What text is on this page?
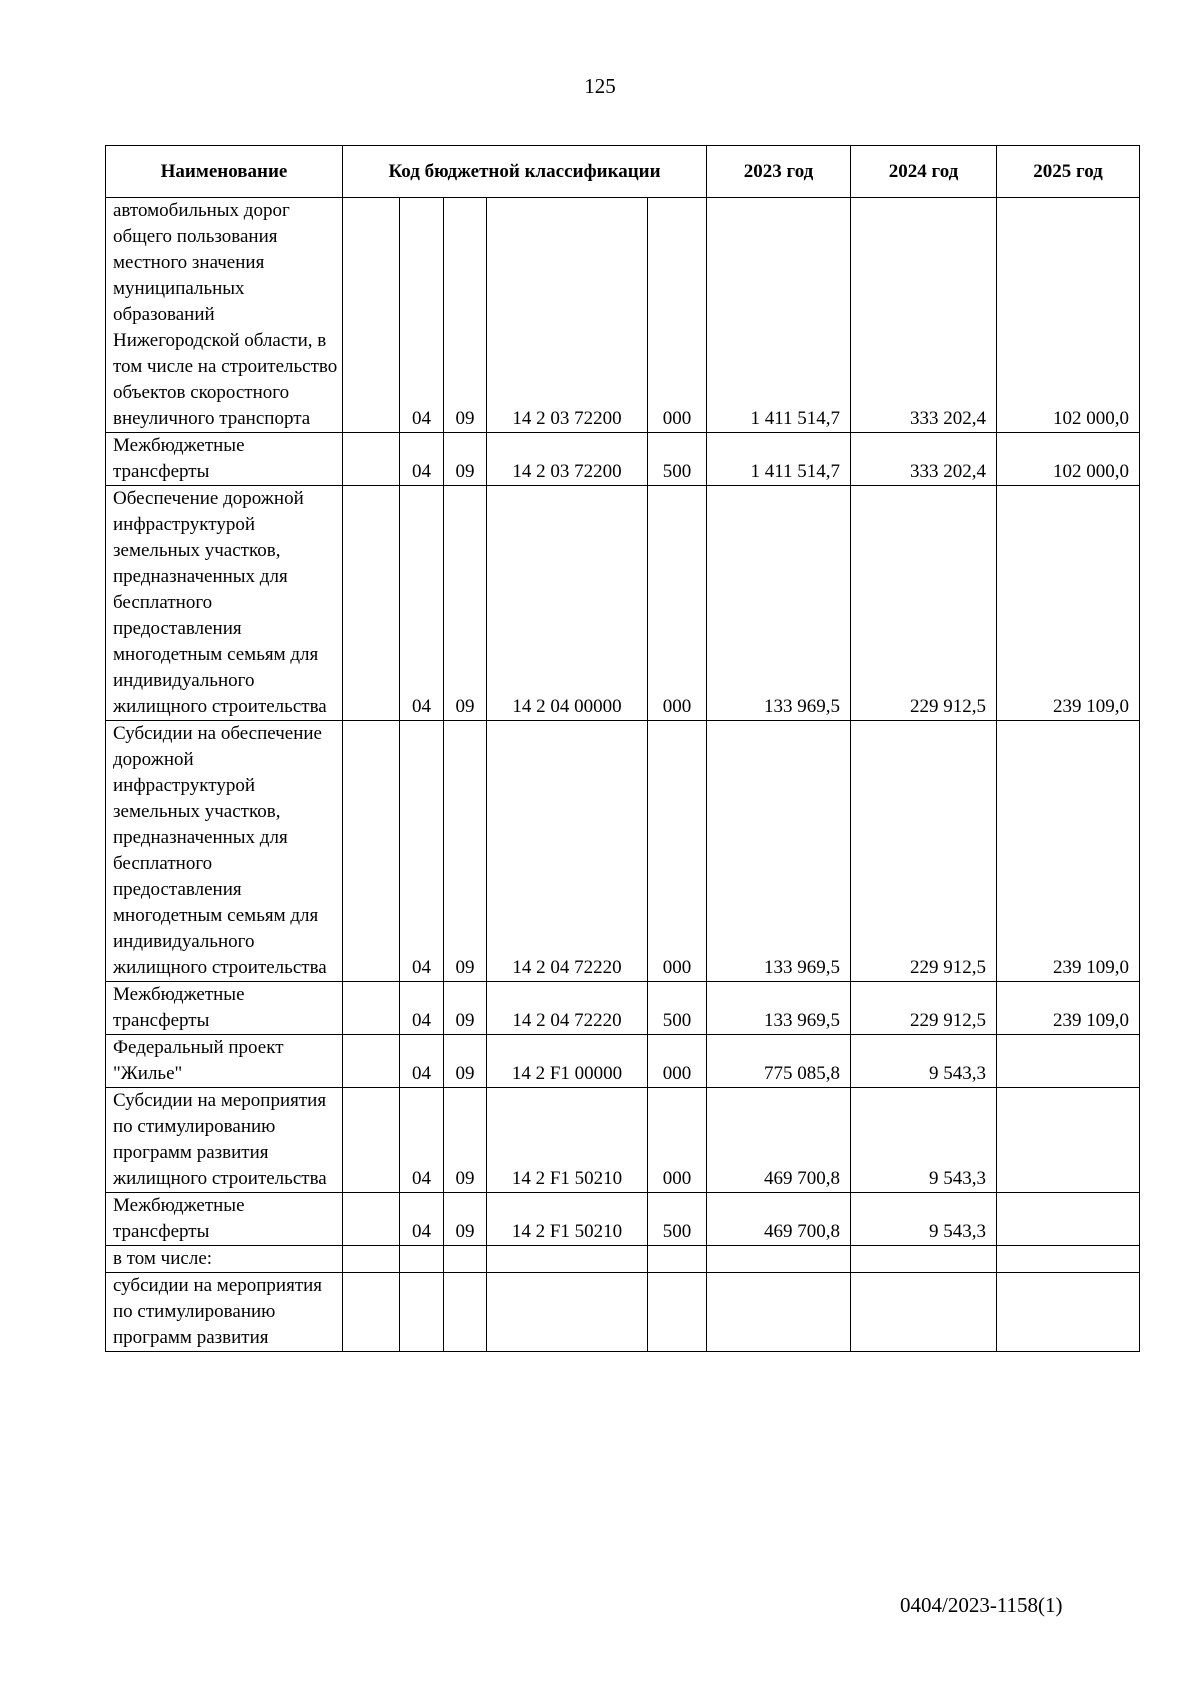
125
Наименование	Код бюджетной классификации					2023 год	2024 год	2025 год
автомобильных дорог общего пользования местного значения муниципальных образований Нижегородской области, в том числе на строительство объектов скоростного внеуличного транспорта		04	09	14 2 03 72200	000	1 411 514,7	333 202,4	102 000,0
Межбюджетные трансферты		04	09	14 2 03 72200	500	1 411 514,7	333 202,4	102 000,0
Обеспечение дорожной инфраструктурой земельных участков, предназначенных для бесплатного предоставления многодетным семьям для индивидуального жилищного строительства		04	09	14 2 04 00000	000	133 969,5	229 912,5	239 109,0
Субсидии на обеспечение дорожной инфраструктурой земельных участков, предназначенных для бесплатного предоставления многодетным семьям для индивидуального жилищного строительства		04	09	14 2 04 72220	000	133 969,5	229 912,5	239 109,0
Межбюджетные трансферты		04	09	14 2 04 72220	500	133 969,5	229 912,5	239 109,0
Федеральный проект "Жилье"		04	09	14 2 F1 00000	000	775 085,8	9 543,3	
Субсидии на мероприятия по стимулированию программ развития жилищного строительства		04	09	14 2 F1 50210	000	469 700,8	9 543,3	
Межбюджетные трансферты		04	09	14 2 F1 50210	500	469 700,8	9 543,3	
в том числе:								
субсидии на мероприятия по стимулированию программ развития								
0404/2023-1158(1)
